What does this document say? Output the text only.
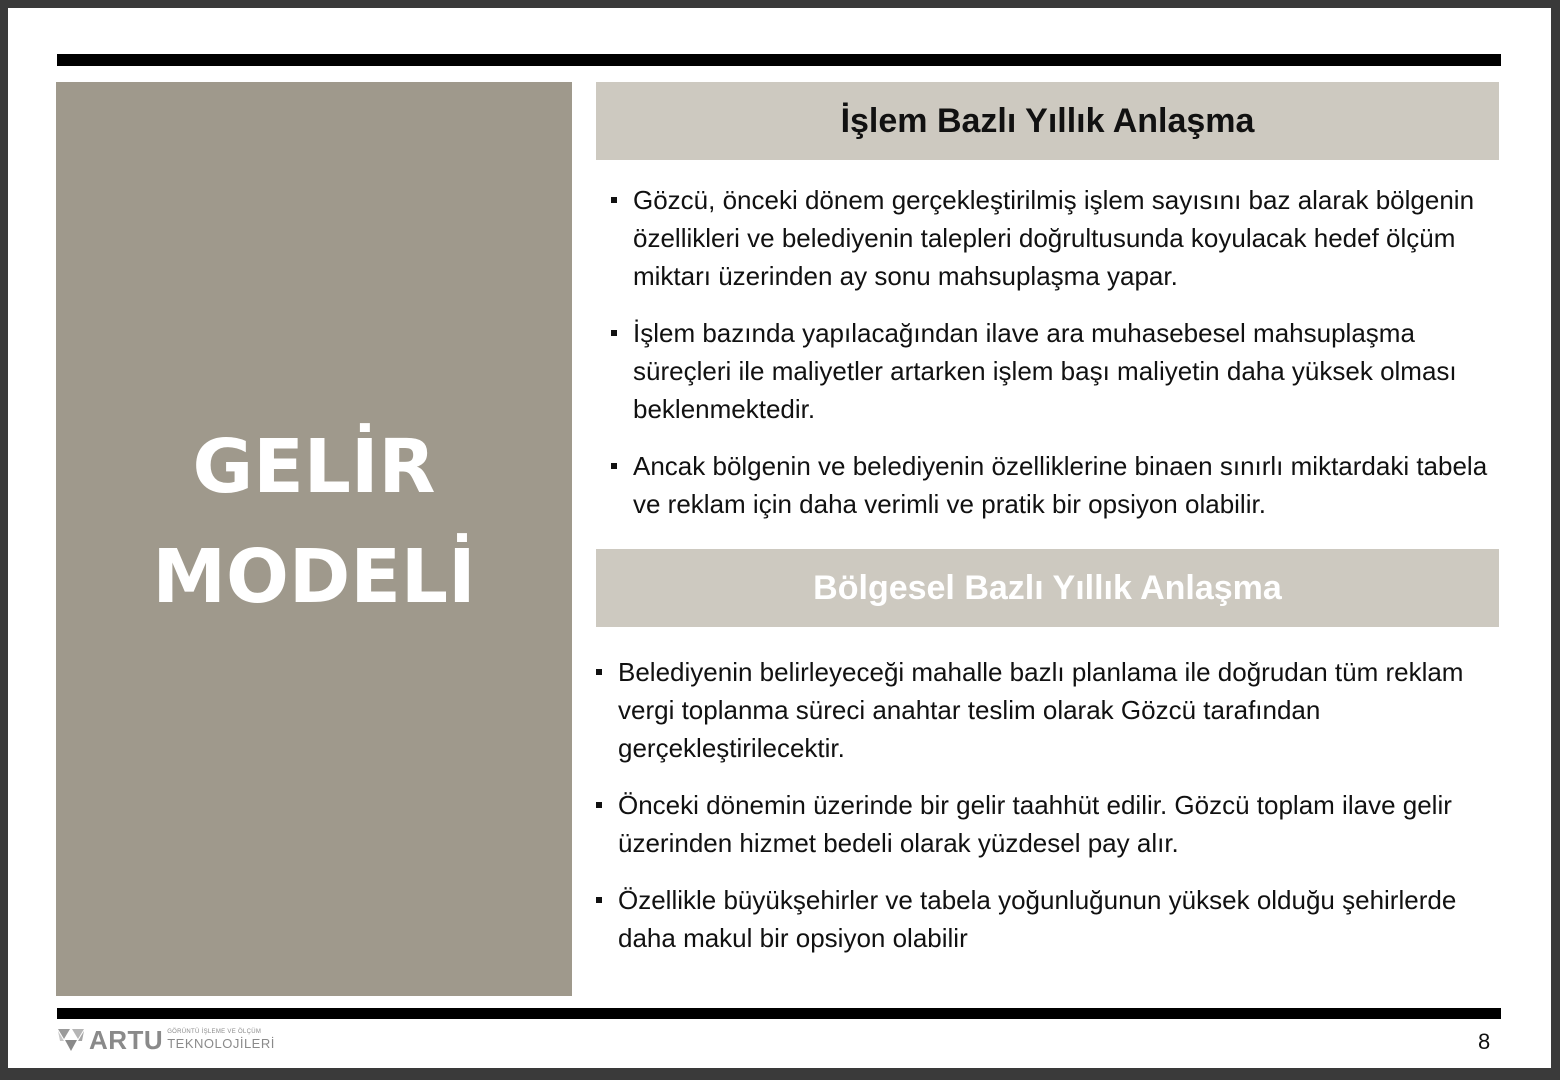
GELİR
MODELİ
İşlem Bazlı Yıllık Anlaşma
Gözcü, önceki dönem gerçekleştirilmiş işlem sayısını baz alarak bölgenin özellikleri ve belediyenin talepleri doğrultusunda koyulacak hedef ölçüm miktarı üzerinden ay sonu mahsuplaşma yapar.
İşlem bazında yapılacağından ilave ara muhasebesel mahsuplaşma süreçleri ile maliyetler artarken işlem başı maliyetin daha yüksek olması beklenmektedir.
Ancak bölgenin ve belediyenin özelliklerine binaen sınırlı miktardaki tabela ve reklam için daha verimli ve pratik bir opsiyon olabilir.
Bölgesel Bazlı Yıllık Anlaşma
Belediyenin belirleyeceği mahalle bazlı planlama ile doğrudan tüm reklam vergi toplanma süreci anahtar teslim olarak Gözcü tarafından gerçekleştirilecektir.
Önceki dönemin üzerinde bir gelir taahhüt edilir. Gözcü toplam ilave gelir üzerinden hizmet bedeli olarak yüzdesel pay alır.
Özellikle büyükşehirler ve tabela yoğunluğunun yüksek olduğu şehirlerde daha makul bir opsiyon olabilir
ARTU GÖRÜNTÜ İŞLEME VE ÖLÇÜM
TEKNOLOJİLERİ	8
